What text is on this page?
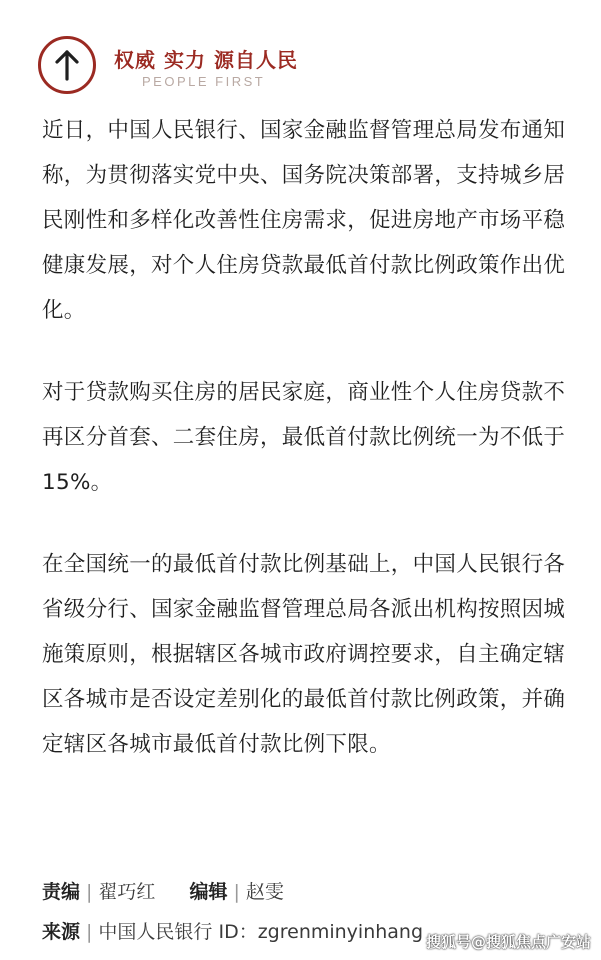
权威 实力 源自人民
PEOPLE FIRST

近日，中国人民银行、国家金融监督管理总局发布通知称，为贯彻落实党中央、国务院决策部署，支持城乡居民刚性和多样化改善性住房需求，促进房地产市场平稳健康发展，对个人住房贷款最低首付款比例政策作出优化。

对于贷款购买住房的居民家庭，商业性个人住房贷款不再区分首套、二套住房，最低首付款比例统一为不低于15%。

在全国统一的最低首付款比例基础上，中国人民银行各省级分行、国家金融监督管理总局各派出机构按照因城施策原则，根据辖区各城市政府调控要求，自主确定辖区各城市是否设定差别化的最低首付款比例政策，并确定辖区各城市最低首付款比例下限。

责编 | 翟巧红 编辑 | 赵雯
来源 | 中国人民银行 ID：zgrenminyinhang 搜狐号@搜狐焦点广安站
